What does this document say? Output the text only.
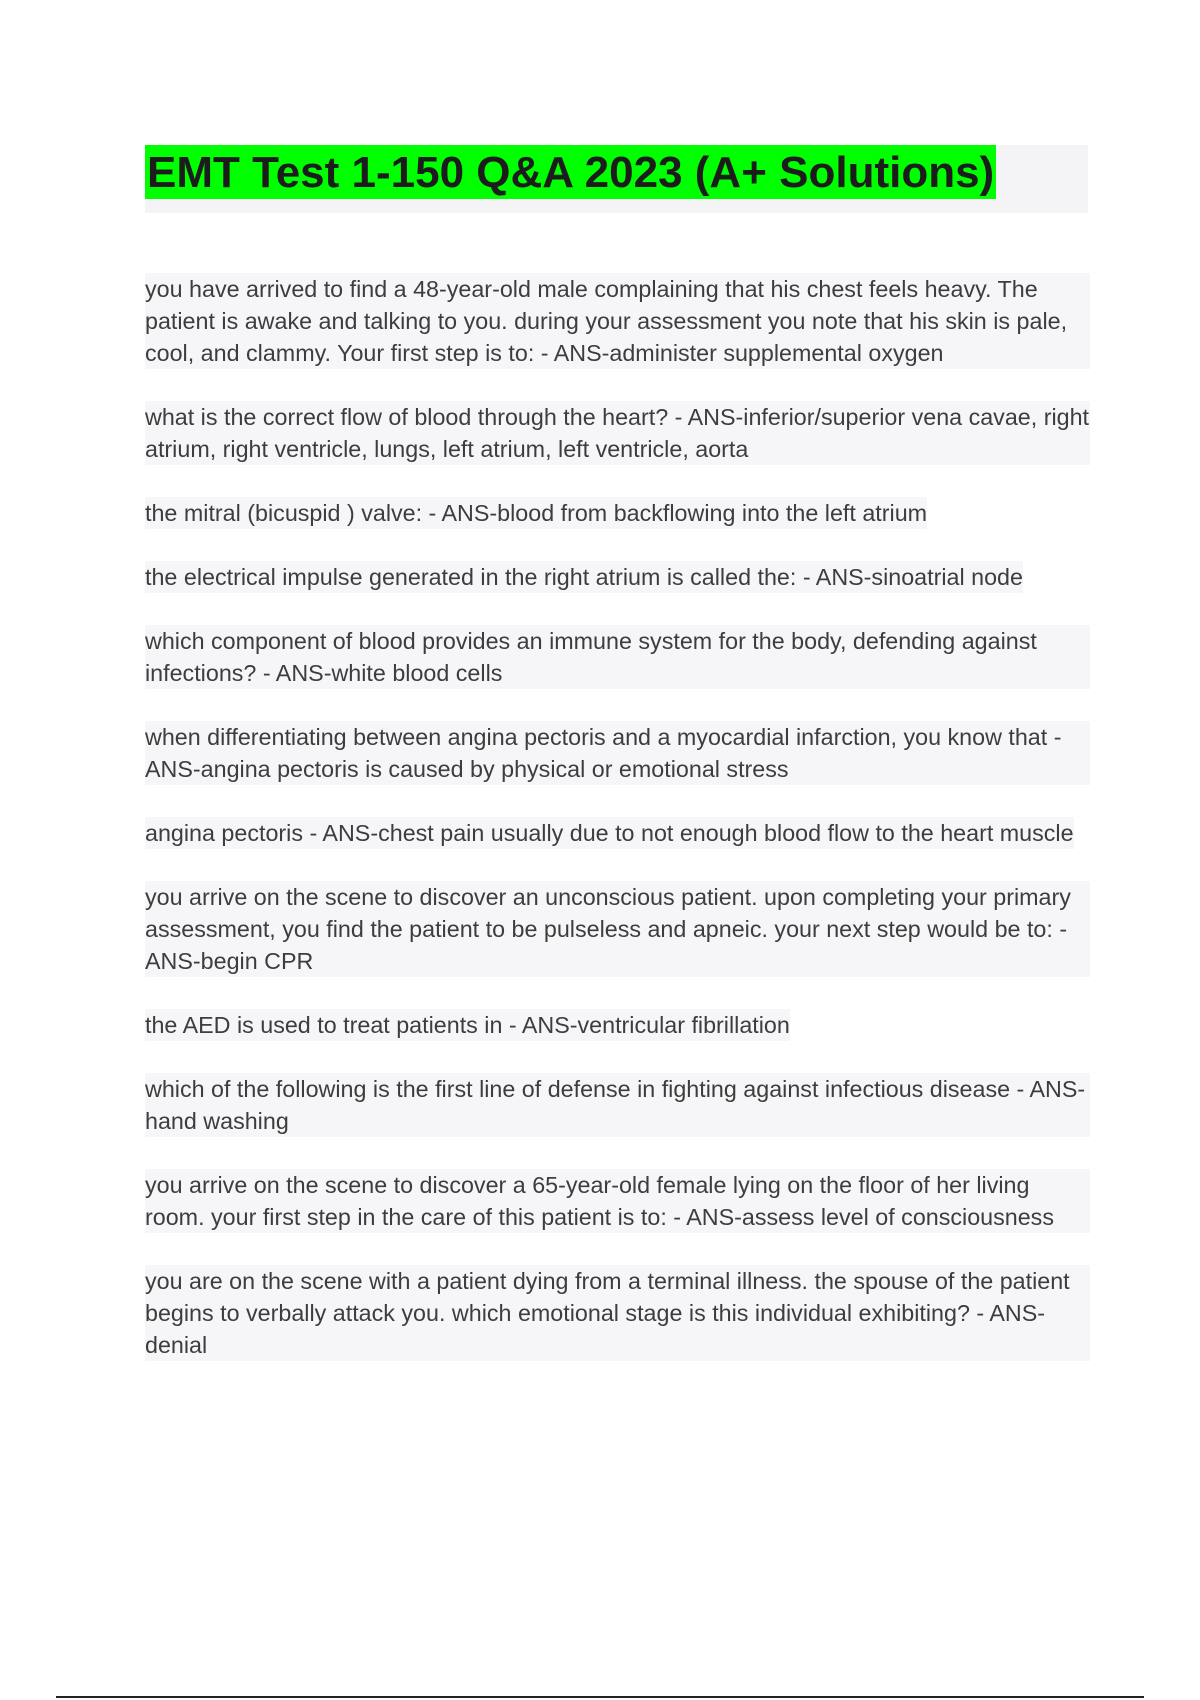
EMT Test 1-150 Q&A 2023 (A+ Solutions)

you have arrived to find a 48-year-old male complaining that his chest feels heavy. The patient is awake and talking to you. during your assessment you note that his skin is pale, cool, and clammy. Your first step is to: - ANS-administer supplemental oxygen

what is the correct flow of blood through the heart? - ANS-inferior/superior vena cavae, right atrium, right ventricle, lungs, left atrium, left ventricle, aorta

the mitral (bicuspid ) valve: - ANS-blood from backflowing into the left atrium

the electrical impulse generated in the right atrium is called the: - ANS-sinoatrial node

which component of blood provides an immune system for the body, defending against infections? - ANS-white blood cells

when differentiating between angina pectoris and a myocardial infarction, you know that - ANS-angina pectoris is caused by physical or emotional stress

angina pectoris - ANS-chest pain usually due to not enough blood flow to the heart muscle

you arrive on the scene to discover an unconscious patient. upon completing your primary assessment, you find the patient to be pulseless and apneic. your next step would be to: - ANS-begin CPR

the AED is used to treat patients in - ANS-ventricular fibrillation

which of the following is the first line of defense in fighting against infectious disease - ANS-hand washing

you arrive on the scene to discover a 65-year-old female lying on the floor of her living room. your first step in the care of this patient is to: - ANS-assess level of consciousness

you are on the scene with a patient dying from a terminal illness. the spouse of the patient begins to verbally attack you. which emotional stage is this individual exhibiting? - ANS-denial
